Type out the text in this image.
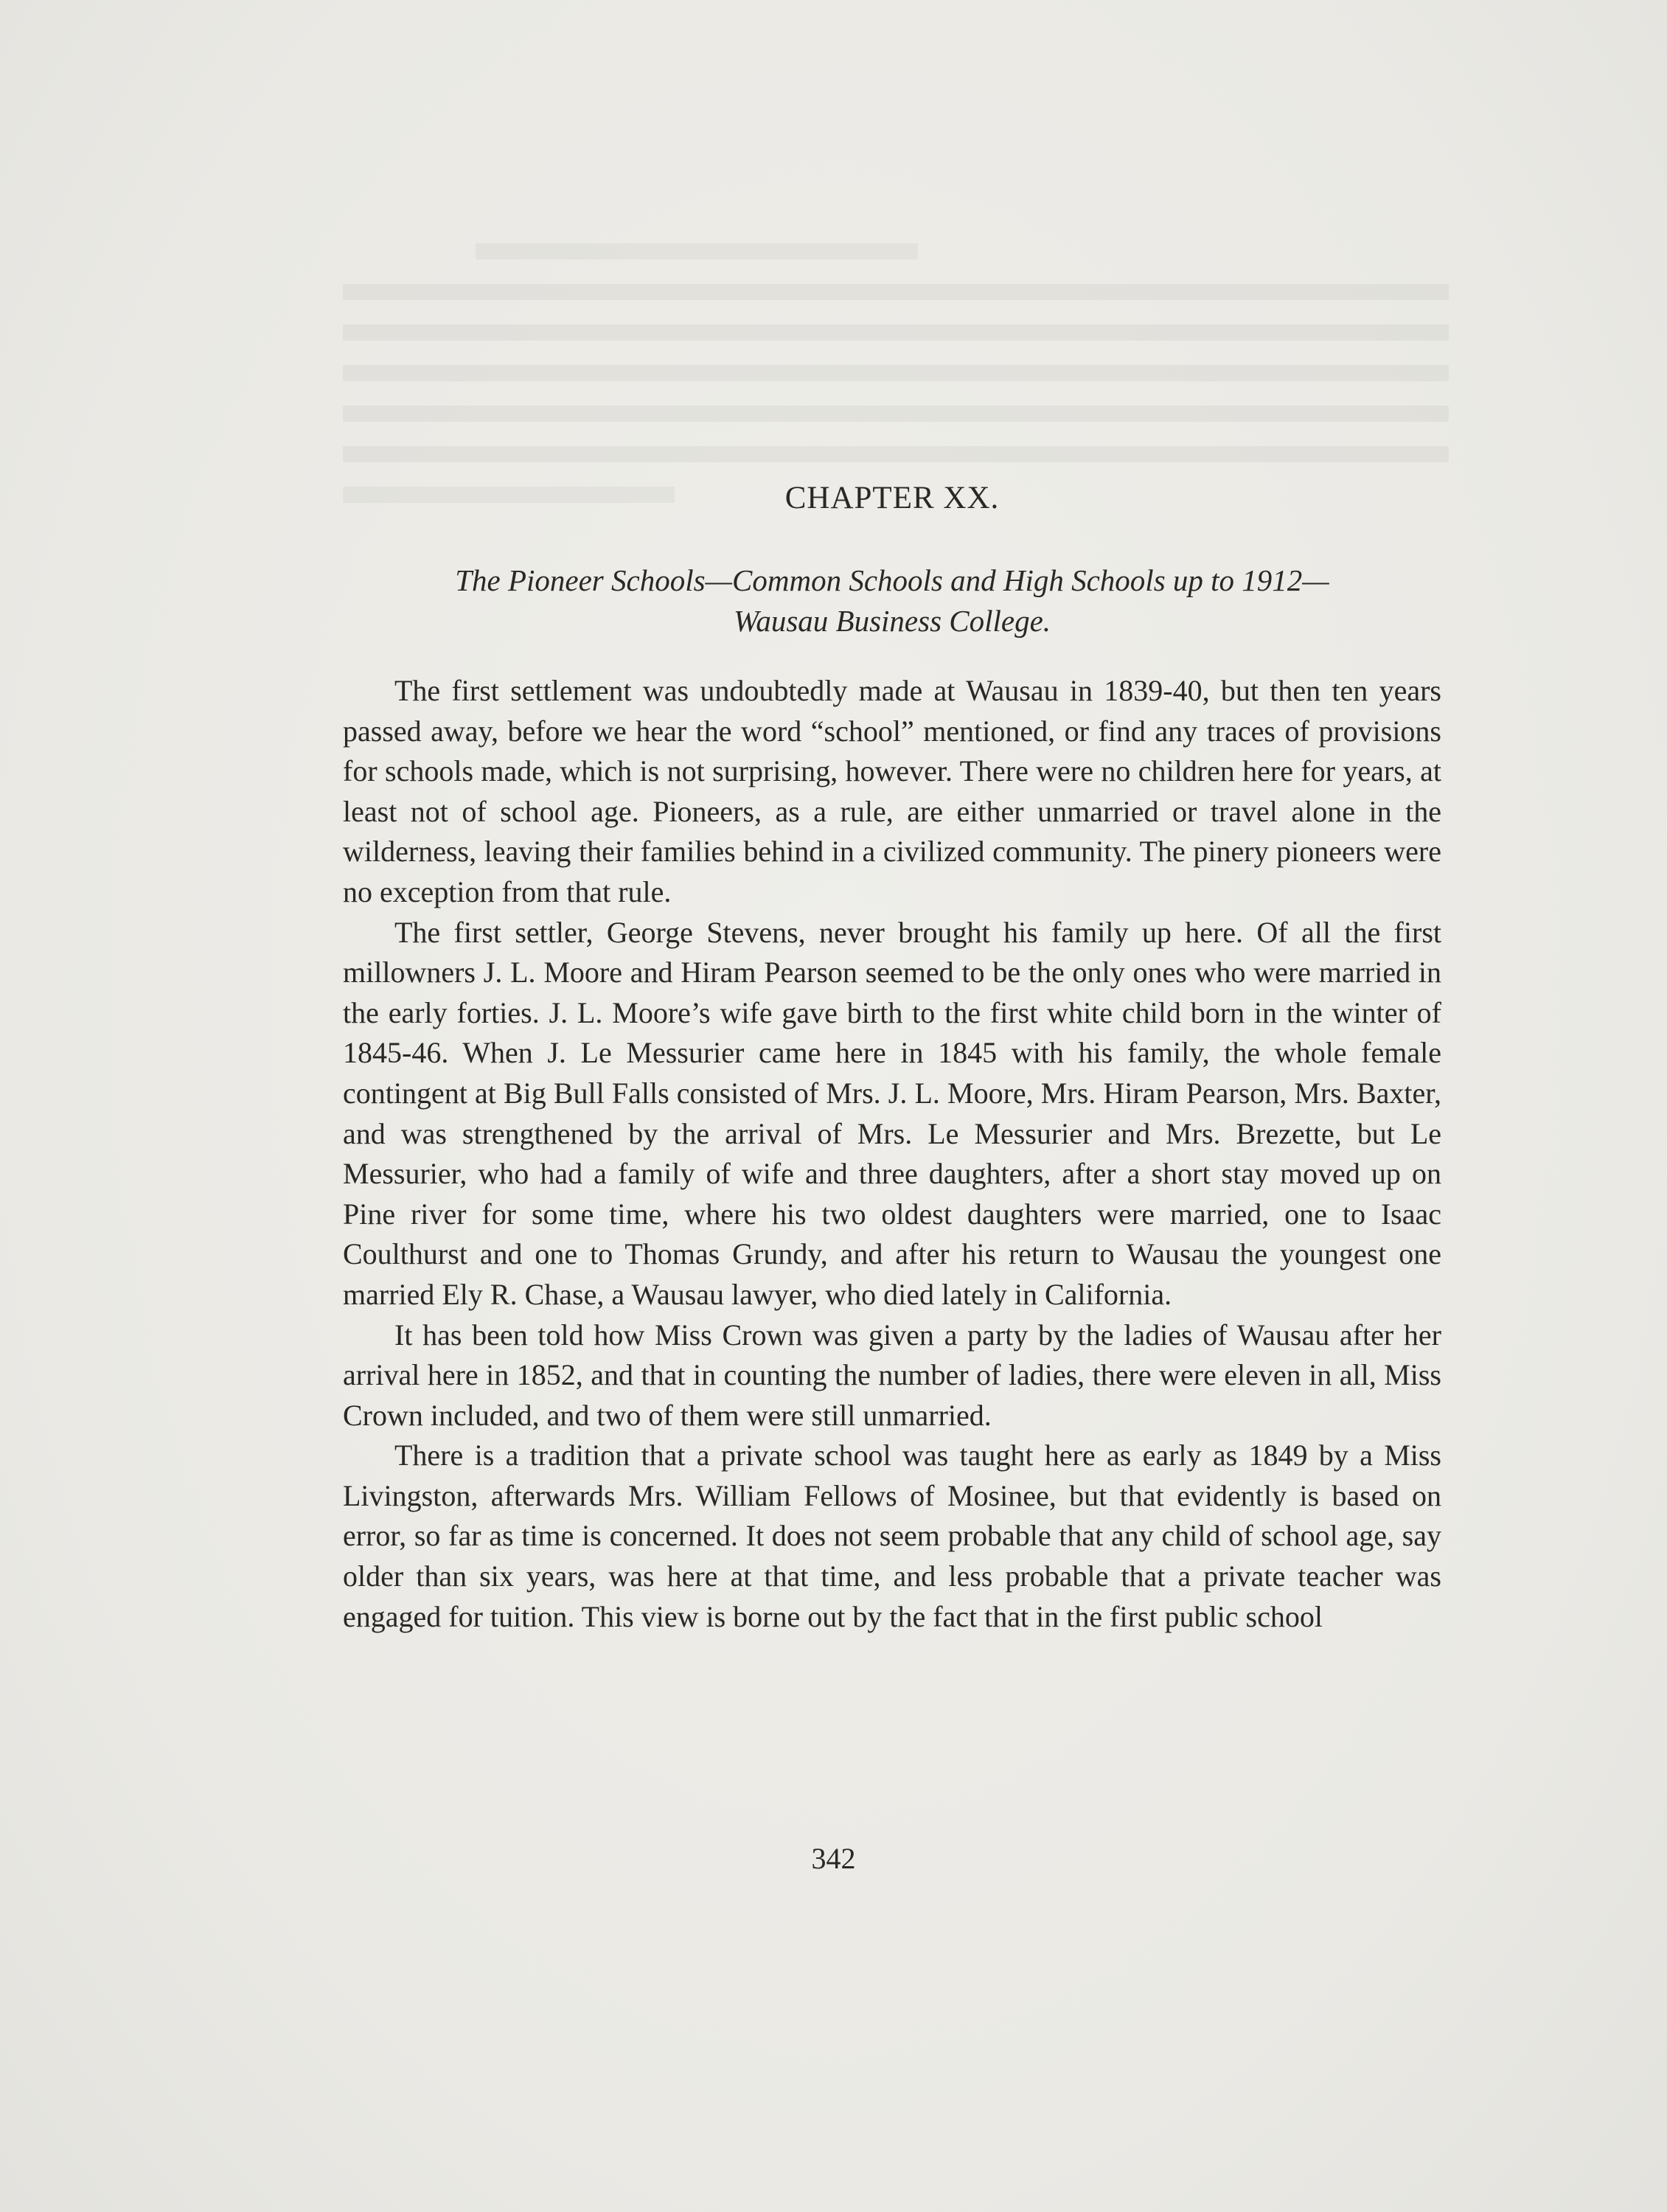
CHAPTER XX.
The Pioneer Schools—Common Schools and High Schools up to 1912—
Wausau Business College.

The first settlement was undoubtedly made at Wausau in 1839-40, but then ten years passed away, before we hear the word “school” mentioned, or find any traces of provisions for schools made, which is not surprising, however. There were no children here for years, at least not of school age. Pioneers, as a rule, are either unmarried or travel alone in the wilderness, leaving their families behind in a civilized community. The pinery pioneers were no exception from that rule.

The first settler, George Stevens, never brought his family up here. Of all the first millowners J. L. Moore and Hiram Pearson seemed to be the only ones who were married in the early forties. J. L. Moore’s wife gave birth to the first white child born in the winter of 1845-46. When J. Le Messurier came here in 1845 with his family, the whole female contingent at Big Bull Falls consisted of Mrs. J. L. Moore, Mrs. Hiram Pearson, Mrs. Baxter, and was strengthened by the arrival of Mrs. Le Messurier and Mrs. Brezette, but Le Messurier, who had a family of wife and three daughters, after a short stay moved up on Pine river for some time, where his two oldest daughters were married, one to Isaac Coulthurst and one to Thomas Grundy, and after his return to Wausau the youngest one married Ely R. Chase, a Wausau lawyer, who died lately in California.

It has been told how Miss Crown was given a party by the ladies of Wausau after her arrival here in 1852, and that in counting the number of ladies, there were eleven in all, Miss Crown included, and two of them were still unmarried.

There is a tradition that a private school was taught here as early as 1849 by a Miss Livingston, afterwards Mrs. William Fellows of Mosinee, but that evidently is based on error, so far as time is concerned. It does not seem probable that any child of school age, say older than six years, was here at that time, and less probable that a private teacher was engaged for tuition. This view is borne out by the fact that in the first public school

342
